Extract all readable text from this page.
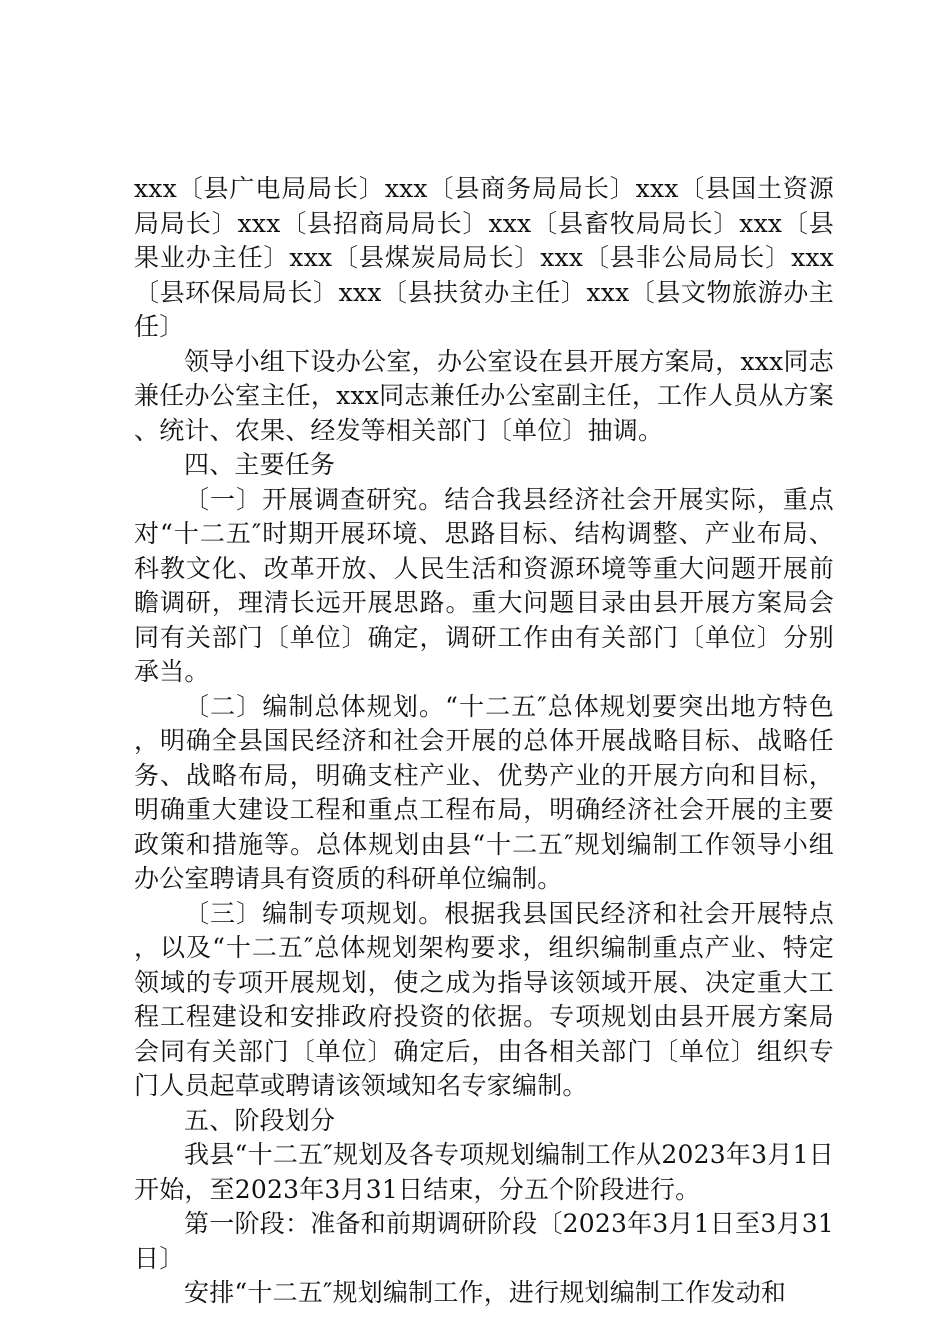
xxx〔县广电局局长〕xxx〔县商务局局长〕xxx〔县国土资源局局长〕xxx〔县招商局局长〕xxx〔县畜牧局局长〕xxx〔县果业办主任〕xxx〔县煤炭局局长〕xxx〔县非公局局长〕xxx〔县环保局局长〕xxx〔县扶贫办主任〕xxx〔县文物旅游办主任〕

领导小组下设办公室，办公室设在县开展方案局，xxx同志兼任办公室主任，xxx同志兼任办公室副主任，工作人员从方案、统计、农果、经发等相关部门〔单位〕抽调。

四、主要任务

〔一〕开展调查研究。结合我县经济社会开展实际，重点对“十二五″时期开展环境、思路目标、结构调整、产业布局、科教文化、改革开放、人民生活和资源环境等重大问题开展前瞻调研，理清长远开展思路。重大问题目录由县开展方案局会同有关部门〔单位〕确定，调研工作由有关部门〔单位〕分别承当。

〔二〕编制总体规划。“十二五″总体规划要突出地方特色，明确全县国民经济和社会开展的总体开展战略目标、战略任务、战略布局，明确支柱产业、优势产业的开展方向和目标，明确重大建设工程和重点工程布局，明确经济社会开展的主要政策和措施等。总体规划由县“十二五″规划编制工作领导小组办公室聘请具有资质的科研单位编制。

〔三〕编制专项规划。根据我县国民经济和社会开展特点，以及“十二五″总体规划架构要求，组织编制重点产业、特定领域的专项开展规划，使之成为指导该领域开展、决定重大工程工程建设和安排政府投资的依据。专项规划由县开展方案局会同有关部门〔单位〕确定后，由各相关部门〔单位〕组织专门人员起草或聘请该领域知名专家编制。

五、阶段划分

我县“十二五″规划及各专项规划编制工作从2023年3月1日开始，至2023年3月31日结束，分五个阶段进行。

第一阶段：准备和前期调研阶段〔2023年3月1日至3月31日〕

安排“十二五″规划编制工作，进行规划编制工作发动和
